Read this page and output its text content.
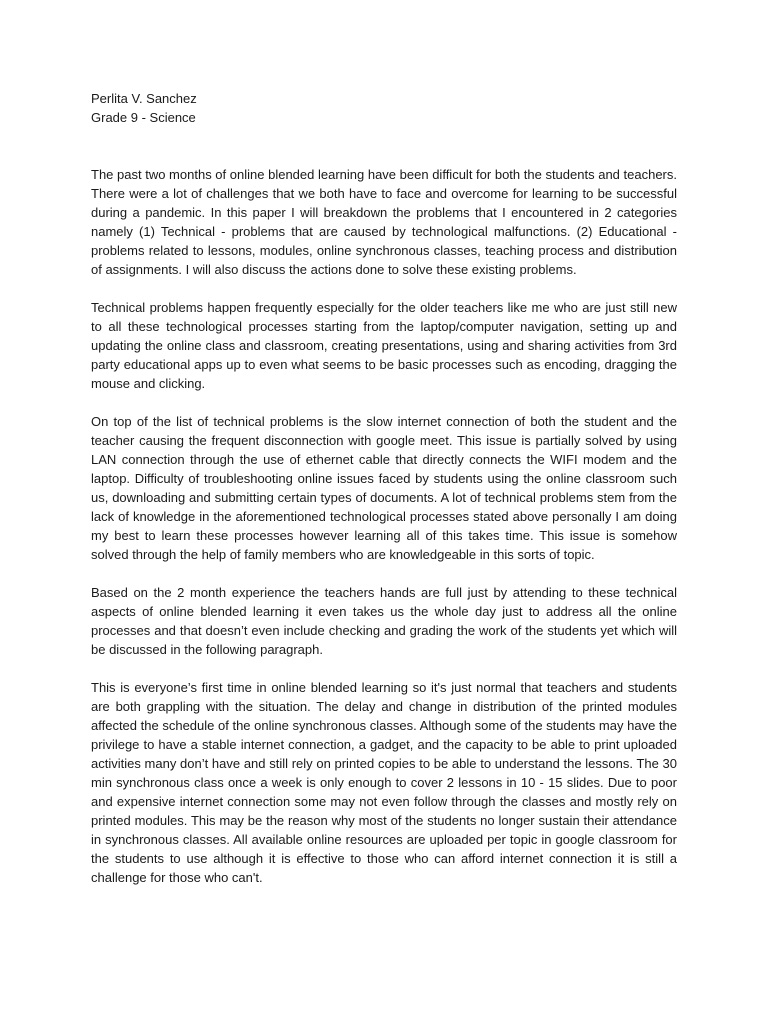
Perlita V. Sanchez
Grade 9 - Science

The past two months of online blended learning have been difficult for both the students and teachers. There were a lot of challenges that we both have to face and overcome for learning to be successful during a pandemic. In this paper I will breakdown the problems that I encountered in 2 categories namely (1) Technical - problems that are caused by technological malfunctions. (2) Educational - problems related to lessons, modules, online synchronous classes, teaching process and distribution of assignments. I will also discuss the actions done to solve these existing problems.

Technical problems happen frequently especially for the older teachers like me who are just still new to all these technological processes starting from the laptop/computer navigation, setting up and updating the online class and classroom, creating presentations, using and sharing activities from 3rd party educational apps up to even what seems to be basic processes such as encoding, dragging the mouse and clicking.

On top of the list of technical problems is the slow internet connection of both the student and the teacher causing the frequent disconnection with google meet. This issue is partially solved by using LAN connection through the use of ethernet cable that directly connects the WIFI modem and the laptop. Difficulty of troubleshooting online issues faced by students using the online classroom such us, downloading and submitting certain types of documents. A lot of technical problems stem from the lack of knowledge in the aforementioned technological processes stated above personally I am doing my best to learn these processes however learning all of this takes time. This issue is somehow solved through the help of family members who are knowledgeable in this sorts of topic.

Based on the 2 month experience the teachers hands are full just by attending to these technical aspects of online blended learning it even takes us the whole day just to address all the online processes and that doesn’t even include checking and grading the work of the students yet which will be discussed in the following paragraph.

This is everyone’s first time in online blended learning so it's just normal that teachers and students are both grappling with the situation. The delay and change in distribution of the printed modules affected the schedule of the online synchronous classes. Although some of the students may have the privilege to have a stable internet connection, a gadget, and the capacity to be able to print uploaded activities many don’t have and still rely on printed copies to be able to understand the lessons. The 30 min synchronous class once a week is only enough to cover 2 lessons in 10 - 15 slides. Due to poor and expensive internet connection some may not even follow through the classes and mostly rely on printed modules. This may be the reason why most of the students no longer sustain their attendance in synchronous classes. All available online resources are uploaded per topic in google classroom for the students to use although it is effective to those who can afford internet connection it is still a challenge for those who can't.
